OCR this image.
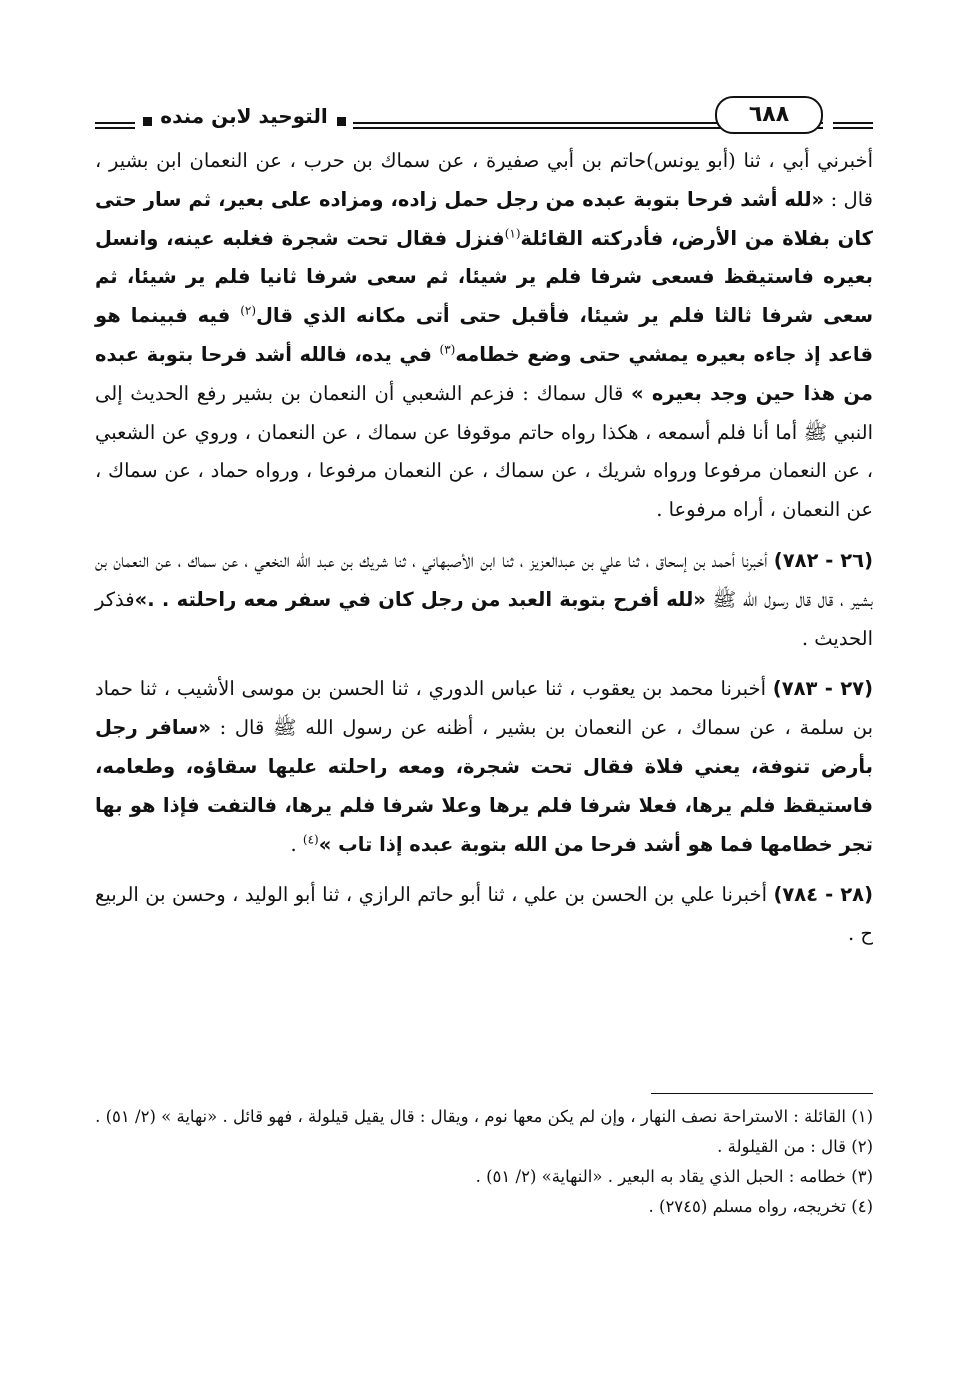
التوحيد لابن منده	٦٨٨

أخبرني أبي ، ثنا (أبو يونس)حاتم بن أبي صفيرة ، عن سماك بن حرب ، عن النعمان ابن بشير ، قال : «لله أشد فرحا بتوبة عبده من رجل حمل زاده، ومزاده على بعير، ثم سار حتى كان بفلاة من الأرض، فأدركته القائلة$^{(١)}$فنزل فقال تحت شجرة فغلبه عينه، وانسل بعيره فاستيقظ فسعى شرفا فلم ير شيئا، ثم سعى شرفا ثانيا فلم ير شيئا، ثم سعى شرفا ثالثا فلم ير شيئا، فأقبل حتى أتى مكانه الذي قال$^{(٢)}$ فيه فبينما هو قاعد إذ جاءه بعيره يمشي حتى وضع خطامه$^{(٣)}$ في يده، فالله أشد فرحا بتوبة عبده من هذا حين وجد بعيره » قال سماك : فزعم الشعبي أن النعمان بن بشير رفع الحديث إلى النبي ﷺ أما أنا فلم أسمعه ، هكذا رواه حاتم موقوفا عن سماك ، عن النعمان ، وروي عن الشعبي ، عن النعمان مرفوعا ورواه شريك ، عن سماك ، عن النعمان مرفوعا ، ورواه حماد ، عن سماك ، عن النعمان ، أراه مرفوعا .

(٢٦ - ٧٨٢) أخبرنا أحمد بن إسحاق ، ثنا علي بن عبدالعزيز ، ثنا ابن الأصبهاني ، ثنا شريك بن عبد الله النخعي ، عن سماك ، عن النعمان بن بشير ، قال قال رسول الله ﷺ «لله أفرح بتوبة العبد من رجل كان في سفر معه راحلته . .»فذكر الحديث .

(٢٧ - ٧٨٣) أخبرنا محمد بن يعقوب ، ثنا عباس الدوري ، ثنا الحسن بن موسى الأشيب ، ثنا حماد بن سلمة ، عن سماك ، عن النعمان بن بشير ، أظنه عن رسول الله ﷺ قال : «سافر رجل بأرض تنوفة، يعني فلاة فقال تحت شجرة، ومعه راحلته عليها سقاؤه، وطعامه، فاستيقظ فلم يرها، فعلا شرفا فلم يرها وعلا شرفا فلم يرها، فالتفت فإذا هو بها تجر خطامها فما هو أشد فرحا من الله بتوبة عبده إذا تاب »$^{(٤)}$ .

(٢٨ - ٧٨٤) أخبرنا علي بن الحسن بن علي ، ثنا أبو حاتم الرازي ، ثنا أبو الوليد ، وحسن بن الربيع ح .

(١) القائلة : الاستراحة نصف النهار ، وإن لم يكن معها نوم ، ويقال : قال يقيل قيلولة ، فهو قائل . «نهاية » (٢/ ٥١) .
(٢) قال : من القيلولة .
(٣) خطامه : الحبل الذي يقاد به البعير . «النهاية» (٢/ ٥١) .
(٤) تخريجه، رواه مسلم (٢٧٤٥) .
